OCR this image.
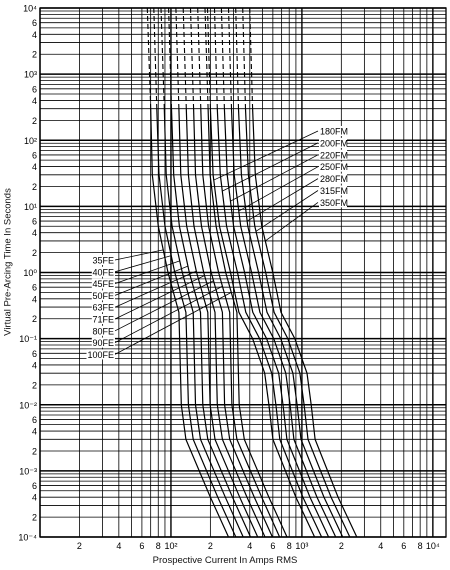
180FM
200FM
220FM
250FM
280FM
315FM
350FM
35FE
40FE
45FE
50FE
63FE
71FE
80FE
90FE
100FE
2	4 6 8 10²	2	4 6 8 10³	2	4 6 8 10⁴
10⁻⁴
2
4
6
10⁻³
2
4
6
10⁻²
2
4
6
10⁻¹
2
4
6
10⁰
2
4
6
10¹
2
4
6
10²
2
4
6
10³
2
4
6
10⁴
Virtual Pre-Arcing Time In Seconds
Prospective Current In Amps RMS
